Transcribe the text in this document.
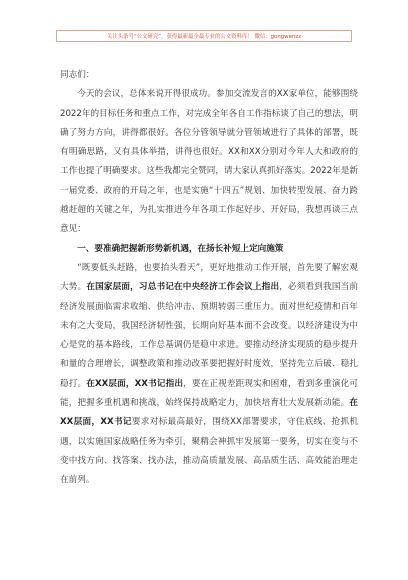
关注头条号“公文研究”，获得最新最全最专业的公文资料库！ 微信：gongwenzz

同志们：

今天的会议，总体来说开得很成功。参加交流发言的XX家单位，能够围绕2022年的目标任务和重点工作，对完成全年各自工作指标谈了自己的想法，明确了努力方向，讲得都很好。各位分管领导就分管领域进行了具体的部署，既有明确思路，又有具体举措，讲得也很好。XX和XX分别对今年人大和政府的工作也提了明确要求。这些我都完全赞同，请大家认真抓好落实。2022年是新一届党委、政府的开局之年，也是实施“十四五”规划、加快转型发展、奋力跨越赶超的关键之年，为扎实推进今年各项工作起好步、开好局，我想再谈三点意见：

一、要准确把握新形势新机遇，在扬长补短上定向施策

“既要低头赶路，也要抬头看天”，更好地推动工作开展，首先要了解宏观大势。在国家层面，习总书记在中央经济工作会议上指出，必须看到我国当前经济发展面临需求收缩、供给冲击、预期转弱三重压力。面对世纪疫情和百年未有之大变局，我国经济韧性强，长期向好基本面不会改变。以经济建设为中心是党的基本路线，工作总基调仍是稳中求进。要推动经济实现质的稳步提升和量的合理增长，调整政策和推动改革要把握好时度效，坚持先立后破、稳扎稳打。在XX层面，XX书记指出，要在正视差距现实和困难，看到多重演化可能，把握多重机遇和挑战，始终保持战略定力，加快培育壮大发展新动能。在XX层面，XX书记要求对标最高最好，围绕XX部署要求，守住底线、抢抓机遇，以实施国家战略任务为牵引，聚精会神抓牢发展第一要务，切实在变与不变中找方向、找答案、找办法，推动高质量发展、高品质生活、高效能治理走在前列。
